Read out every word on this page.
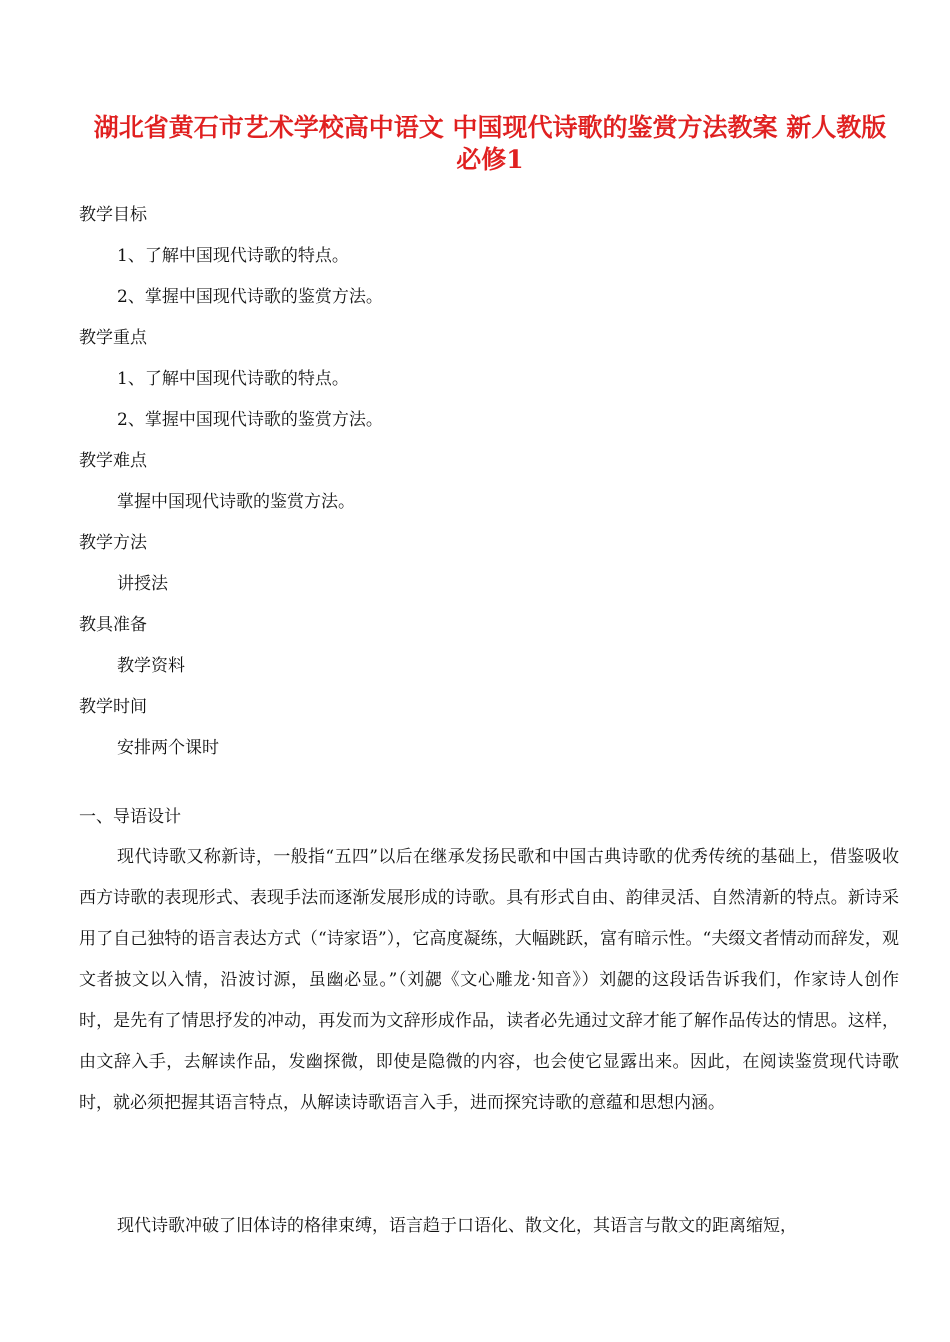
湖北省黄石市艺术学校高中语文 中国现代诗歌的鉴赏方法教案 新人教版
必修1
教学目标
1、了解中国现代诗歌的特点。
2、掌握中国现代诗歌的鉴赏方法。
教学重点
1、了解中国现代诗歌的特点。
2、掌握中国现代诗歌的鉴赏方法。
教学难点
掌握中国现代诗歌的鉴赏方法。
教学方法
讲授法
教具准备
教学资料
教学时间
安排两个课时
一、导语设计

现代诗歌又称新诗，一般指“五四”以后在继承发扬民歌和中国古典诗歌的优秀传统的基础上，借鉴吸收西方诗歌的表现形式、表现手法而逐渐发展形成的诗歌。具有形式自由、韵律灵活、自然清新的特点。新诗采用了自己独特的语言表达方式（“诗家语”），它高度凝练，大幅跳跃，富有暗示性。“夫缀文者情动而辞发，观文者披文以入情，沿波讨源，虽幽必显。”（刘勰《文心雕龙·知音》）刘勰的这段话告诉我们，作家诗人创作时，是先有了情思抒发的冲动，再发而为文辞形成作品，读者必先通过文辞才能了解作品传达的情思。这样，由文辞入手，去解读作品，发幽探微，即使是隐微的内容，也会使它显露出来。因此，在阅读鉴赏现代诗歌时，就必须把握其语言特点，从解读诗歌语言入手，进而探究诗歌的意蕴和思想内涵。

现代诗歌冲破了旧体诗的格律束缚，语言趋于口语化、散文化，其语言与散文的距离缩短，
